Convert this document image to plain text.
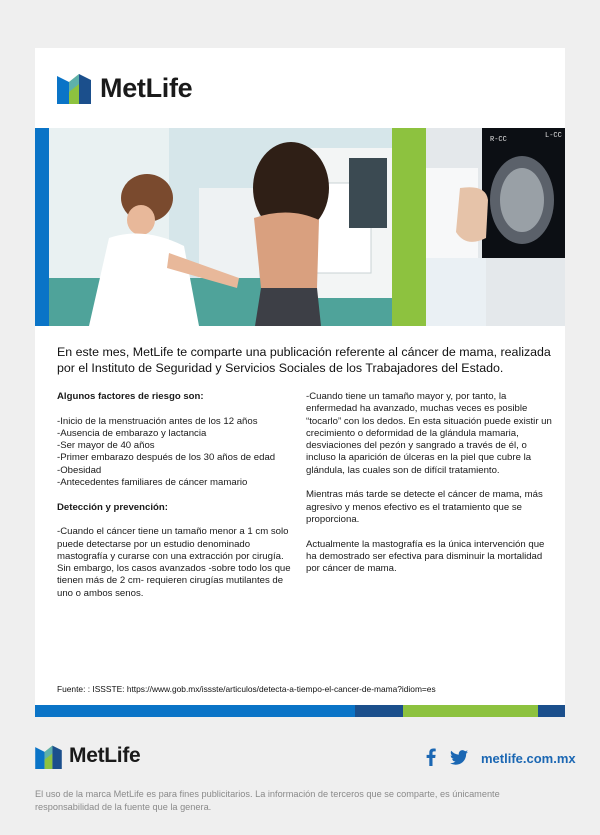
MetLife
R-CC	L-CC
En este mes, MetLife te comparte una publicación referente al cáncer de mama, realizada por el Instituto de Seguridad y Servicios Sociales de los Trabajadores del Estado.

Algunos factores de riesgo son:

-Inicio de la menstruación antes de los 12 años
-Ausencia de embarazo y lactancia
-Ser mayor de 40 años
-Primer embarazo después de los 30 años de edad
-Obesidad
-Antecedentes familiares de cáncer mamario

Detección y prevención:

-Cuando el cáncer tiene un tamaño menor a 1 cm solo puede detectarse por un estudio denominado mastografía y curarse con una extracción por cirugía. Sin embargo, los casos avanzados -sobre todo los que tienen más de 2 cm- requieren cirugías mutilantes de uno o ambos senos.

-Cuando tiene un tamaño mayor y, por tanto, la enfermedad ha avanzado, muchas veces es posible “tocarlo” con los dedos. En esta situación puede existir un crecimiento o deformidad de la glándula mamaria, desviaciones del pezón y sangrado a través de él, o incluso la aparición de úlceras en la piel que cubre la glándula, las cuales son de difícil tratamiento.

Mientras más tarde se detecte el cáncer de mama, más agresivo y menos efectivo es el tratamiento que se proporciona.

Actualmente la mastografía es la única intervención que ha demostrado ser efectiva para disminuir la mortalidad por cáncer de mama.

Fuente: : ISSSTE: https://www.gob.mx/issste/articulos/detecta-a-tiempo-el-cancer-de-mama?idiom=es
MetLife	metlife.com.mx
El uso de la marca MetLife es para fines publicitarios. La información de terceros que se comparte, es únicamente responsabilidad de la fuente que la genera.
